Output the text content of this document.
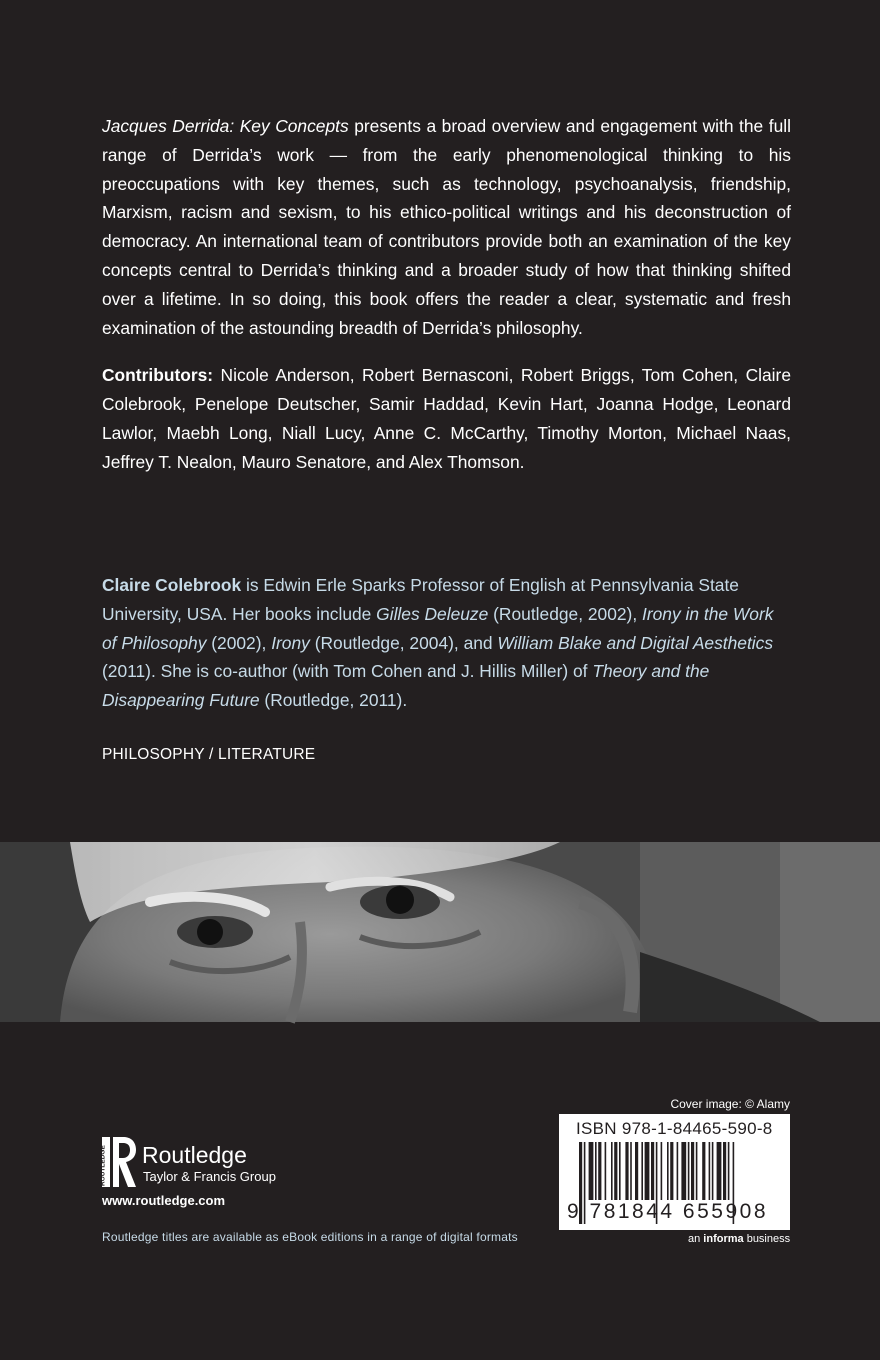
Jacques Derrida: Key Concepts presents a broad overview and engagement with the full range of Derrida’s work — from the early phenomenological thinking to his preoccupations with key themes, such as technology, psychoanalysis, friendship, Marxism, racism and sexism, to his ethico-political writings and his deconstruction of democracy. An international team of contributors provide both an examination of the key concepts central to Derrida’s thinking and a broader study of how that thinking shifted over a lifetime. In so doing, this book offers the reader a clear, systematic and fresh examination of the astounding breadth of Derrida’s philosophy.

Contributors: Nicole Anderson, Robert Bernasconi, Robert Briggs, Tom Cohen, Claire Colebrook, Penelope Deutscher, Samir Haddad, Kevin Hart, Joanna Hodge, Leonard Lawlor, Maebh Long, Niall Lucy, Anne C. McCarthy, Timothy Morton, Michael Naas, Jeffrey T. Nealon, Mauro Senatore, and Alex Thomson.

Claire Colebrook is Edwin Erle Sparks Professor of English at Pennsylvania State University, USA. Her books include Gilles Deleuze (Routledge, 2002), Irony in the Work of Philosophy (2002), Irony (Routledge, 2004), and William Blake and Digital Aesthetics (2011). She is co-author (with Tom Cohen and J. Hillis Miller) of Theory and the Disappearing Future (Routledge, 2011).
PHILOSOPHY / LITERATURE
ROUTLEDGE Routledge
Taylor & Francis Group
www.routledge.com
Routledge titles are available as eBook editions in a range of digital formats
Cover image: © Alamy
ISBN 978-1-84465-590-8
9 781844 655908
an informa business
